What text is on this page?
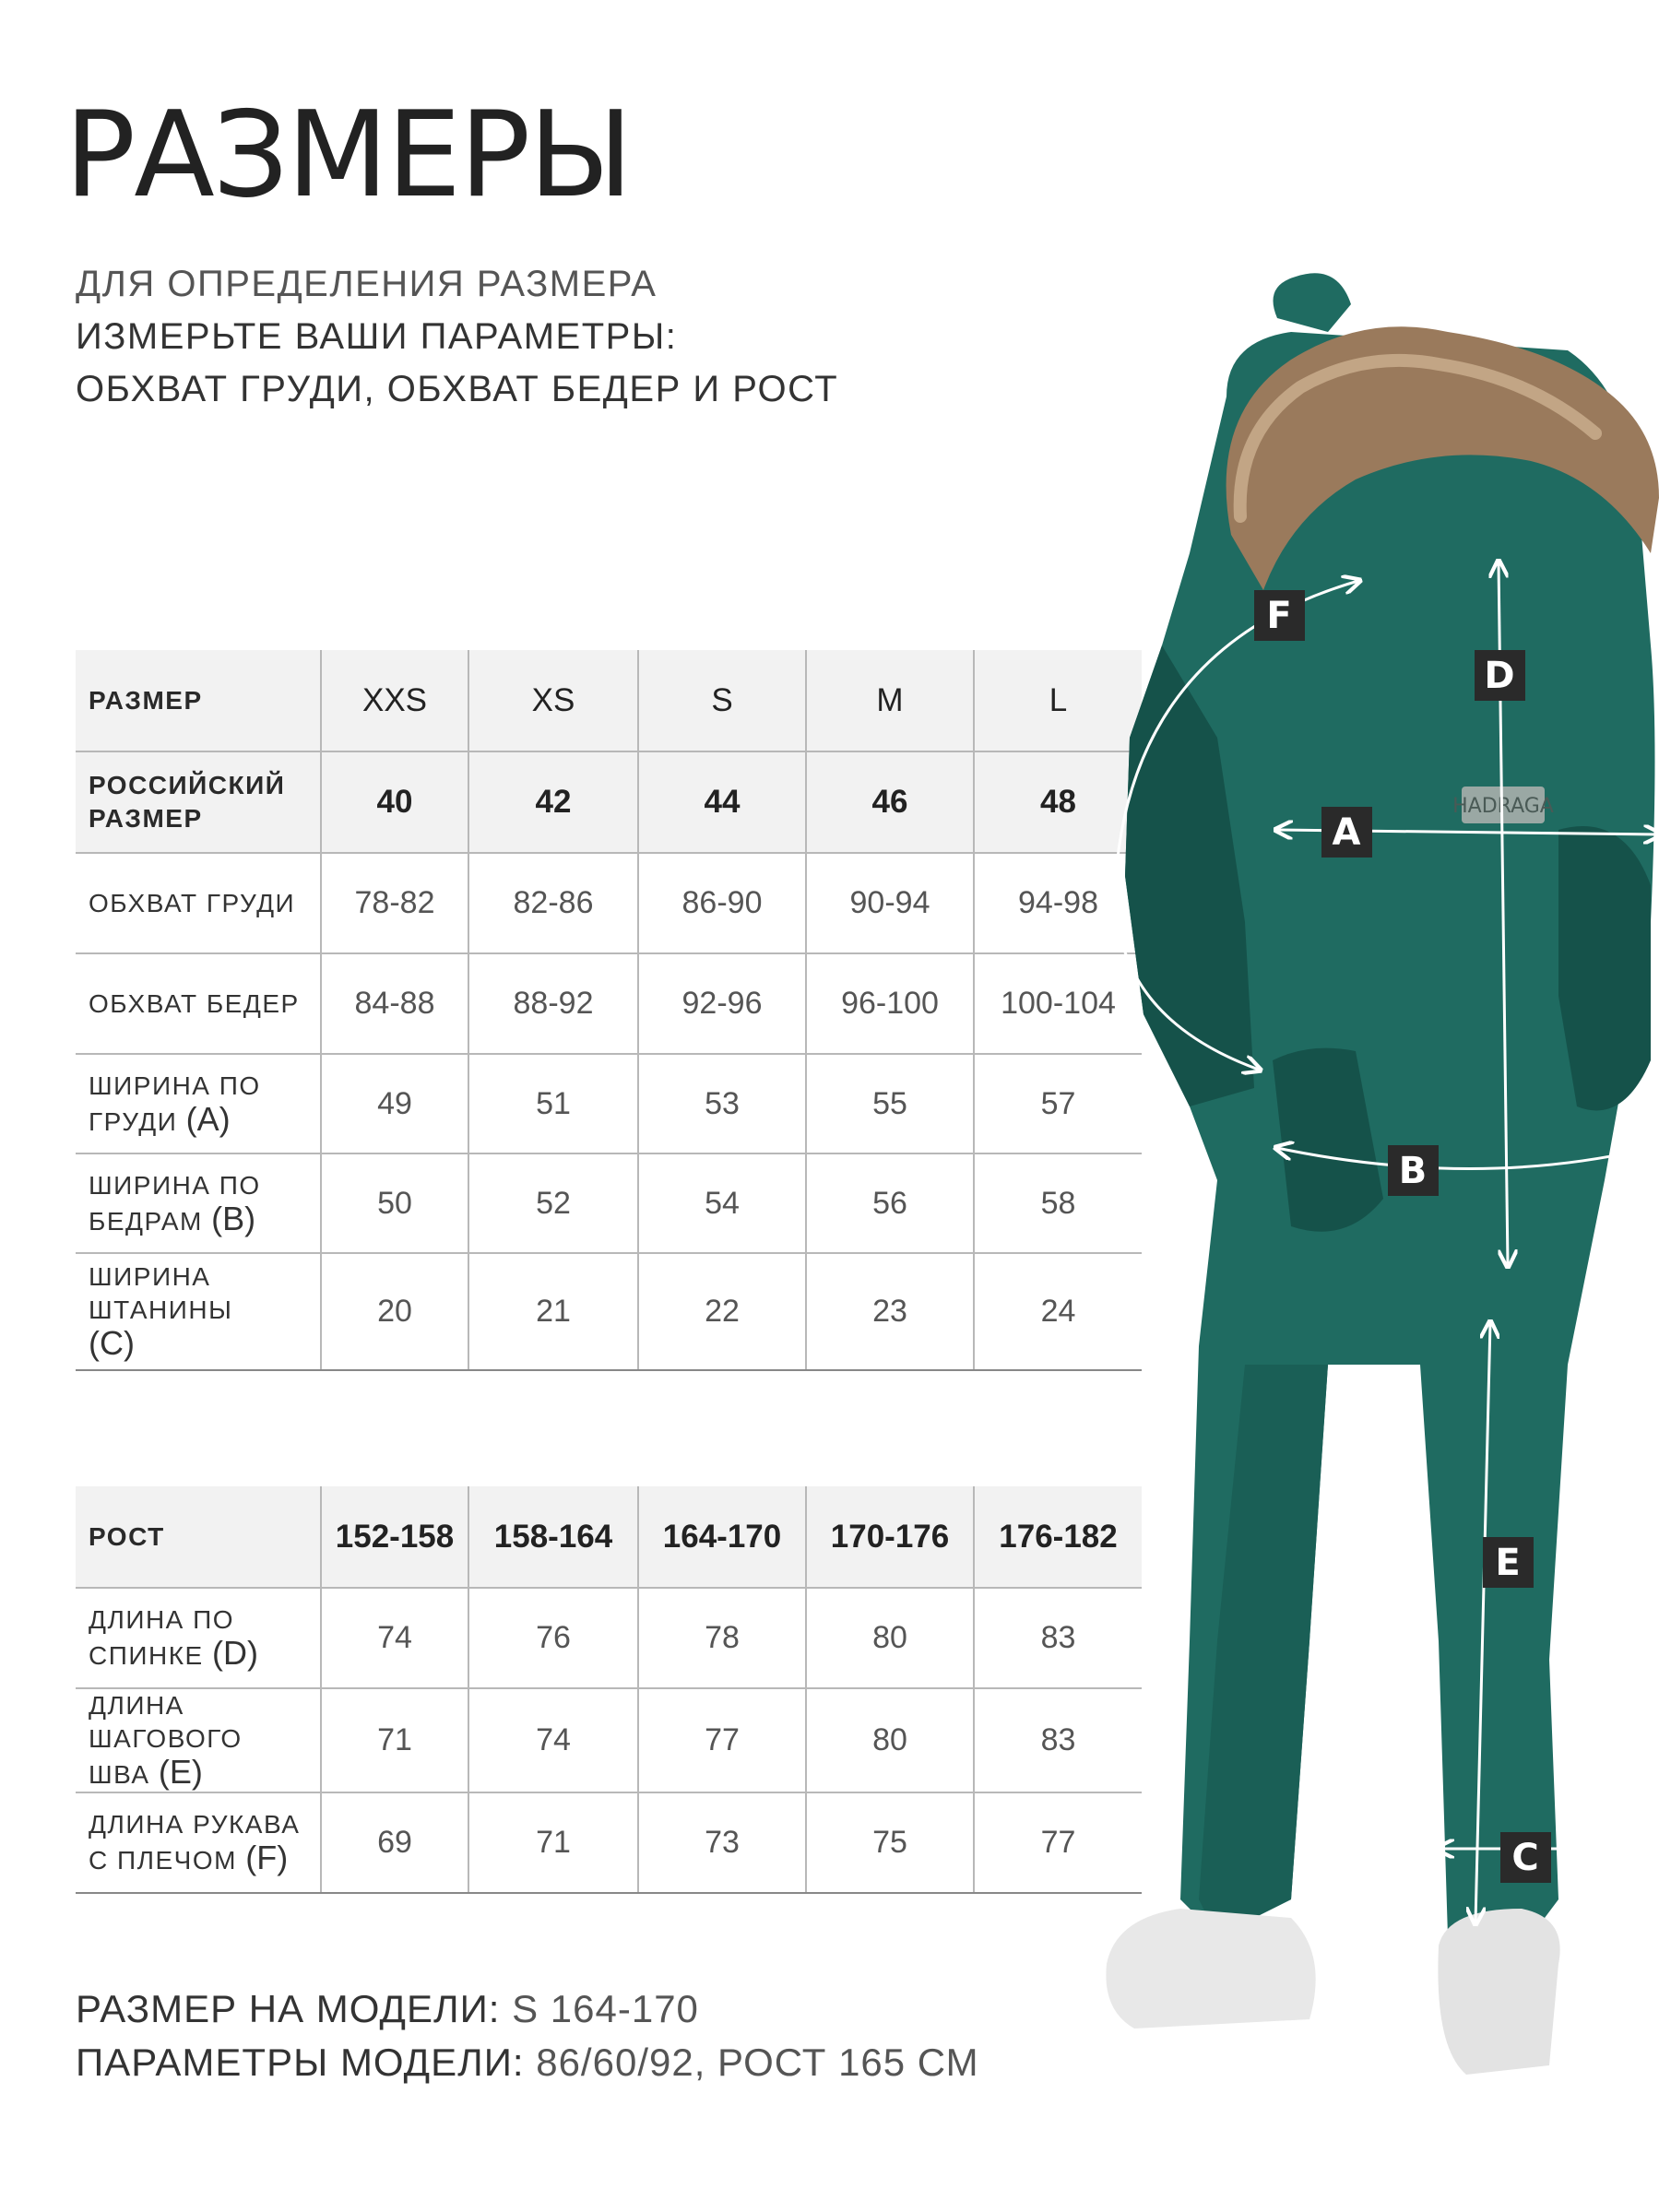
РАЗМЕРЫ
ДЛЯ ОПРЕДЕЛЕНИЯ РАЗМЕРА
ИЗМЕРЬТЕ ВАШИ ПАРАМЕТРЫ:
ОБХВАТ ГРУДИ, ОБХВАТ БЕДЕР И РОСТ
РАЗМЕР	XXS	XS	S	M	L
РОССИЙСКИЙ РАЗМЕР	40	42	44	46	48
ОБХВАТ ГРУДИ	78-82	82-86	86-90	90-94	94-98
ОБХВАТ БЕДЕР	84-88	88-92	92-96	96-100	100-104
ШИРИНА ПО ГРУДИ (A)	49	51	53	55	57
ШИРИНА ПО БЕДРАМ (B)	50	52	54	56	58
ШИРИНА ШТАНИНЫ (C)	20	21	22	23	24
РОСТ	152-158	158-164	164-170	170-176	176-182
ДЛИНА ПО СПИНКЕ (D)	74	76	78	80	83
ДЛИНА ШАГОВОГО ШВА (E)	71	74	77	80	83
ДЛИНА РУКАВА С ПЛЕЧОМ (F)	69	71	73	75	77
РАЗМЕР НА МОДЕЛИ: S 164-170
ПАРАМЕТРЫ МОДЕЛИ: 86/60/92, РОСТ 165 СМ
HADRAGA
A
B
C
D
E
F
